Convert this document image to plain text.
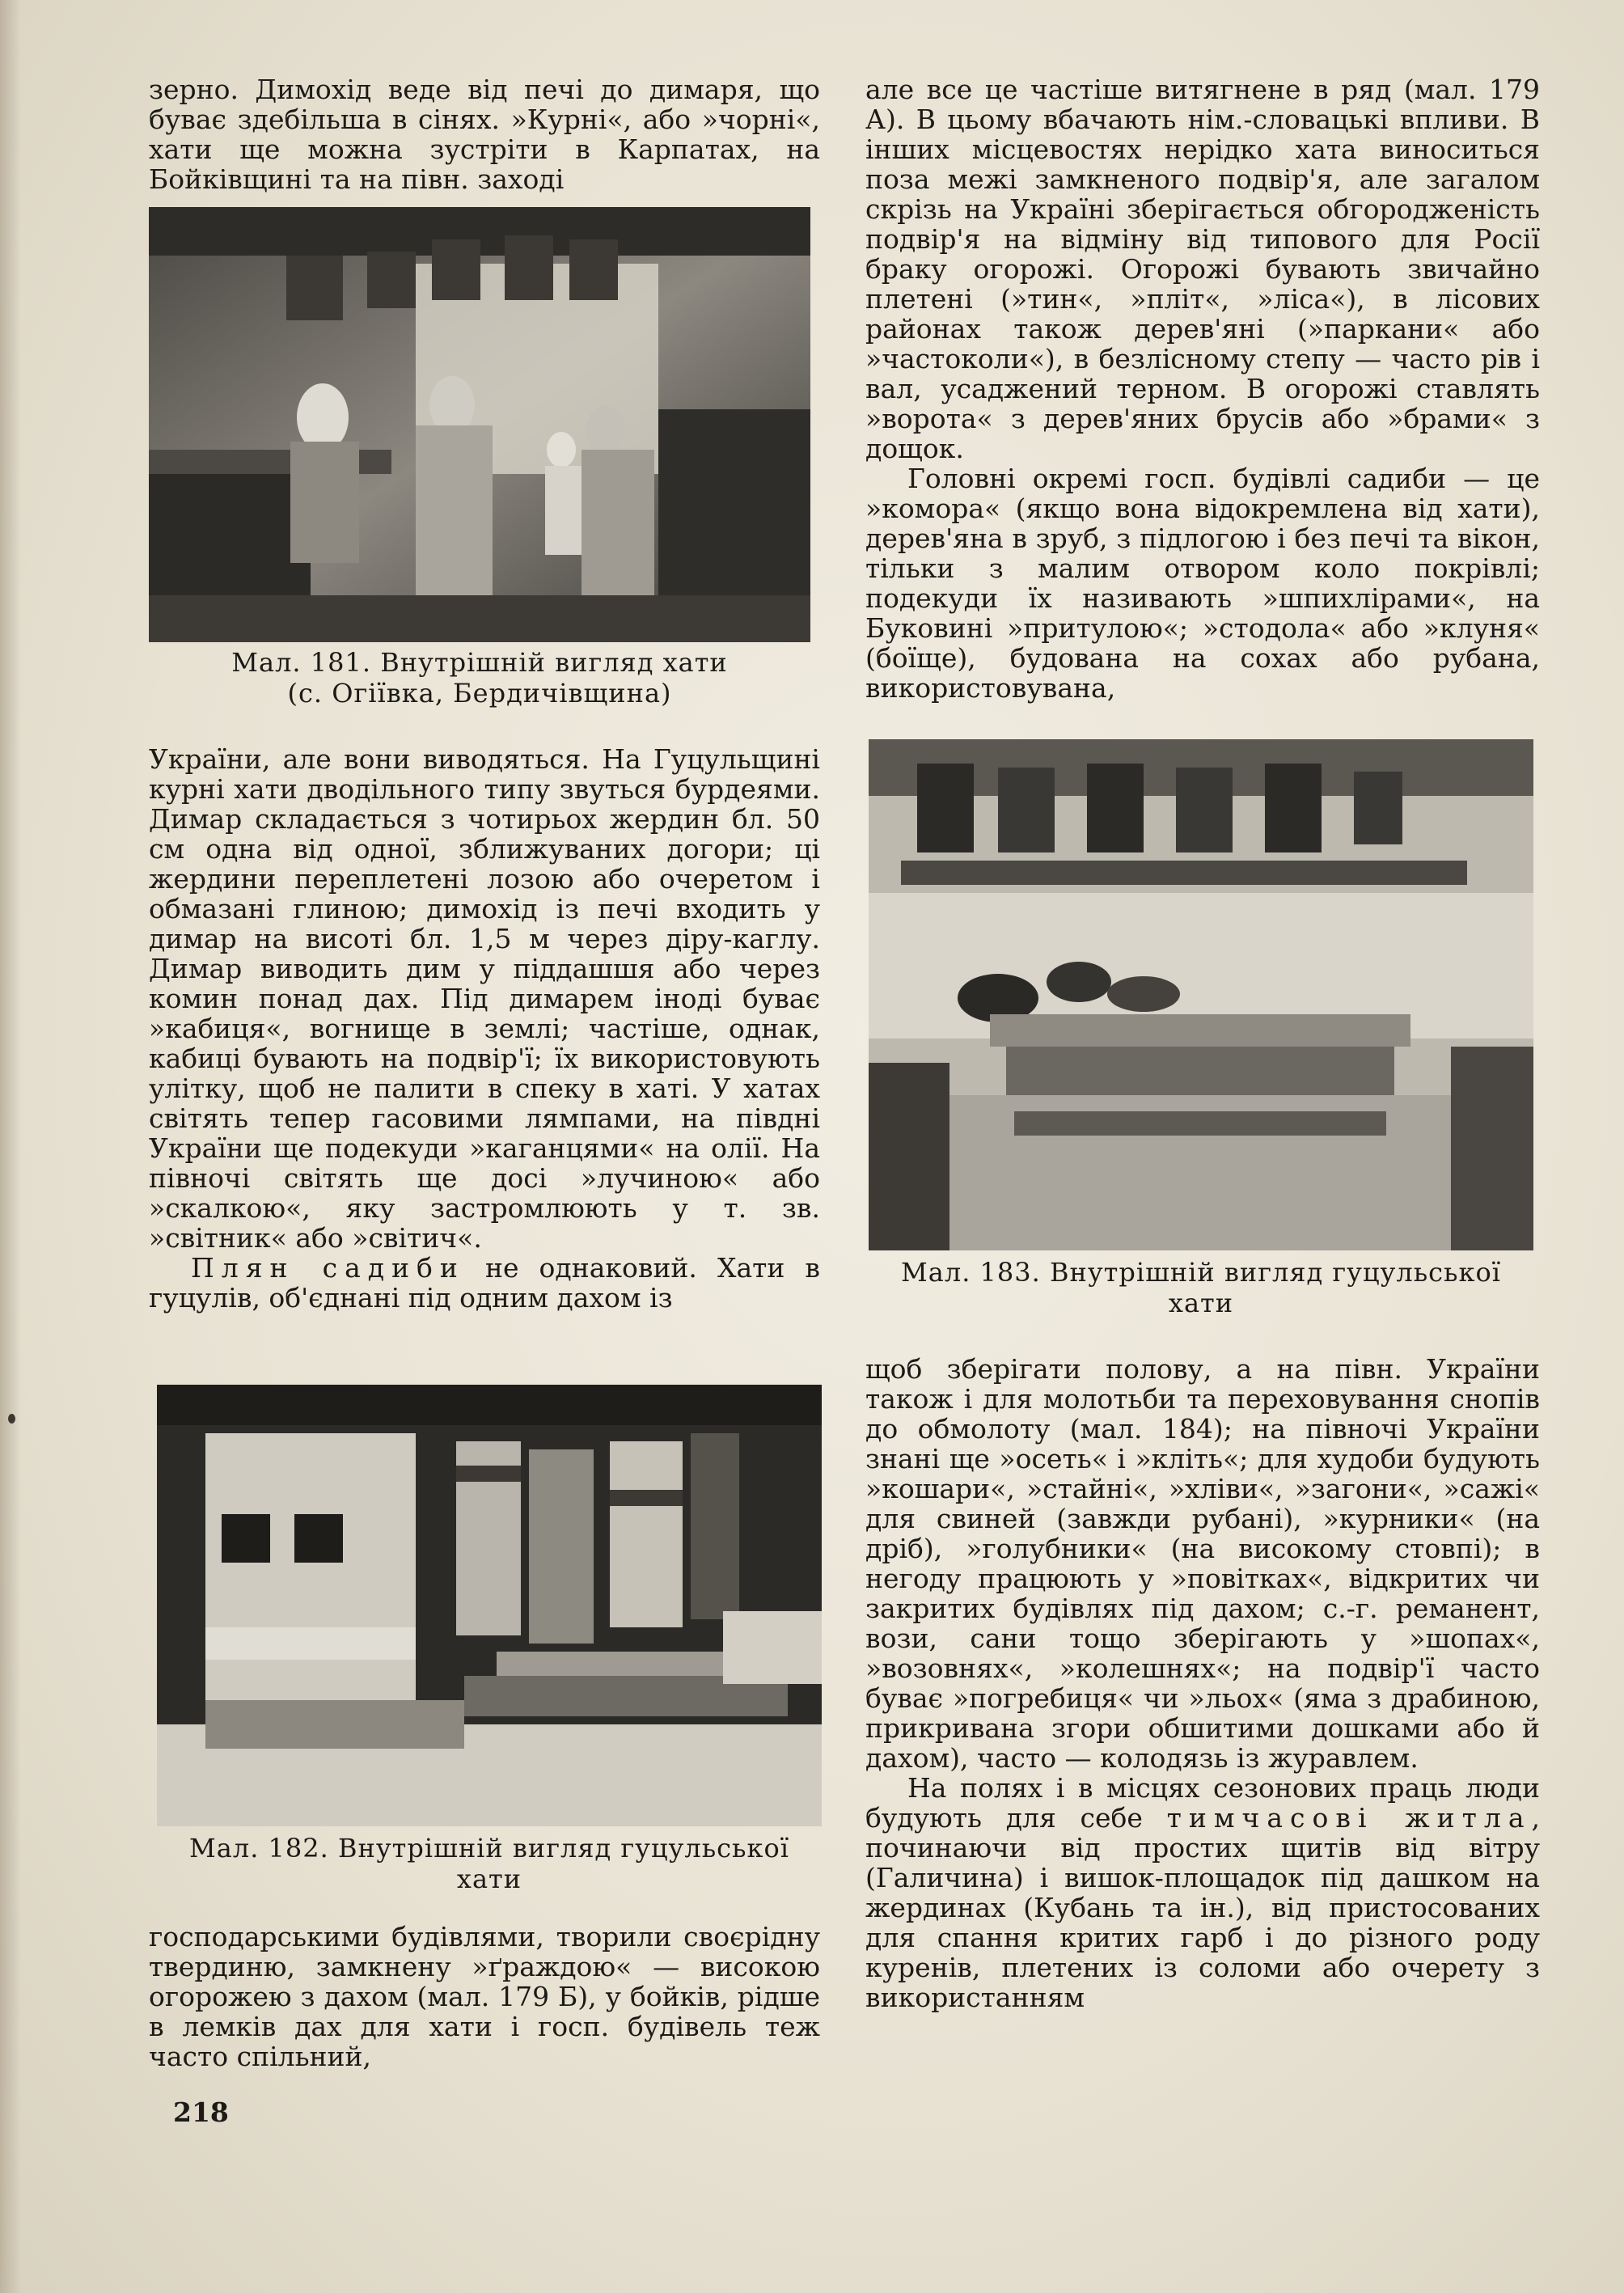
зерно. Димохід веде від печі до димаря, що буває здебільша в сінях. »Курні«, або »чорні«, хати ще можна зустріти в Карпатах, на Бойківщині та на півн. заході

Мал. 181. Внутрішній вигляд хати
(с. Огіївка, Бердичівщина)

України, але вони виводяться. На Гуцульщині курні хати дводільного типу звуться бурдеями. Димар складається з чотирьох жердин бл. 50 см одна від одної, зближуваних догори; ці жердини переплетені лозою або очеретом і обмазані глиною; димохід із печі входить у димар на висоті бл. 1,5 м через діру-каглу. Димар виводить дим у піддашшя або через комин понад дах. Під димарем іноді буває »кабиця«, вогнище в землі; частіше, однак, кабиці бувають на подвір'ї; їх використовують улітку, щоб не палити в спеку в хаті. У хатах світять тепер гасовими лямпами, на півдні України ще подекуди »каганцями« на олії. На півночі світять ще досі »лучиною« або »скалкою«, яку застромлюють у т. зв. »світник« або »світич«.

Плян садиби не однаковий. Хати в гуцулів, об'єднані під одним дахом із

Мал. 182. Внутрішній вигляд гуцульської
хати

господарськими будівлями, творили своєрідну твердиню, замкнену »ґраждою« — високою огорожею з дахом (мал. 179 Б), у бойків, рідше в лемків дах для хати і госп. будівель теж часто спільний,

218

але все це частіше витягнене в ряд (мал. 179 А). В цьому вбачають нім.-словацькі впливи. В інших місцевостях нерідко хата виноситься поза межі замкненого подвір'я, але загалом скрізь на Україні зберігається обгородженість подвір'я на відміну від типового для Росії браку огорожі. Огорожі бувають звичайно плетені (»тин«, »пліт«, »ліса«), в лісових районах також дерев'яні (»паркани« або »частоколи«), в безлісному степу — часто рів і вал, усаджений терном. В огорожі ставлять »ворота« з дерев'яних брусів або »брами« з дощок.

Головні окремі госп. будівлі садиби — це »комора« (якщо вона відокремлена від хати), дерев'яна в зруб, з підлогою і без печі та вікон, тільки з малим отвором коло покрівлі; подекуди їх називають »шпихлірами«, на Буковині »притулою«; »стодола« або »клуня« (боїще), будована на сохах або рубана, використовувана,

Мал. 183. Внутрішній вигляд гуцульської
хати

щоб зберігати полову, а на півн. України також і для молотьби та переховування снопів до обмолоту (мал. 184); на півночі України знані ще »осеть« і »кліть«; для худоби будують »кошари«, »стайні«, »хліви«, »загони«, »сажі« для свиней (завжди рубані), »курники« (на дріб), »голубники« (на високому стовпі); в негоду працюють у »повітках«, відкритих чи закритих будівлях під дахом; с.-г. реманент, вози, сани тощо зберігають у »шопах«, »возовнях«, »колешнях«; на подвір'ї часто буває »погребиця« чи »льох« (яма з драбиною, прикривана згори обшитими дошками або й дахом), часто — колодязь із журавлем.

На полях і в місцях сезонових праць люди будують для себе тимчасові житла, починаючи від простих щитів від вітру (Галичина) і вишок-площадок під дашком на жердинах (Кубань та ін.), від пристосованих для спання критих гарб і до різного роду куренів, плетених із соломи або очерету з використанням
